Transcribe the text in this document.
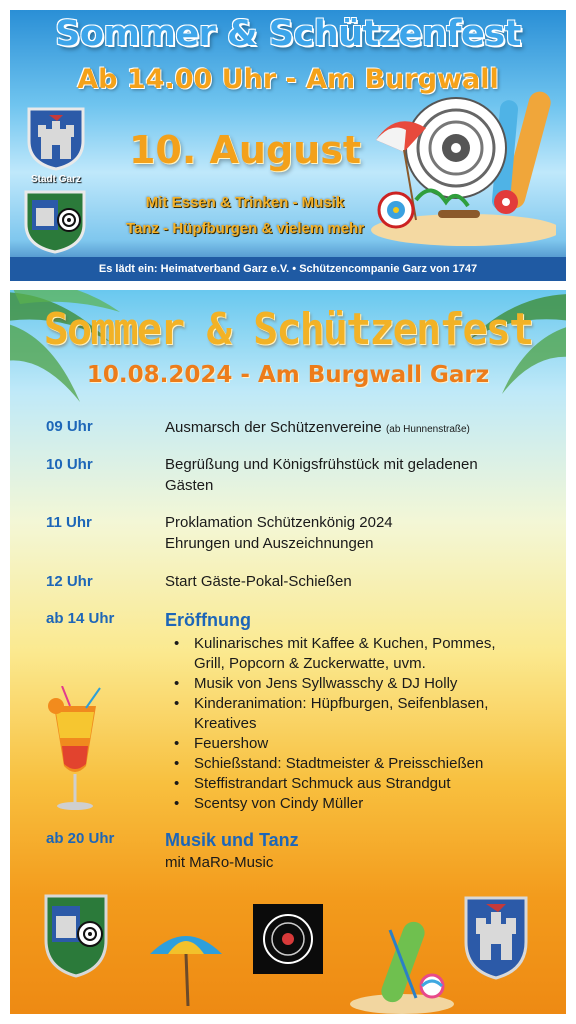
Sommer & Schützenfest
Ab 14.00 Uhr - Am Burgwall
Stadt Garz
10. August
Mit Essen & Trinken - Musik
Tanz - Hüpfburgen & vielem mehr
Es lädt ein: Heimatverband Garz e.V. • Schützencompanie Garz von 1747
Sommer & Schützenfest
10.08.2024 - Am Burgwall Garz
09 Uhr	Ausmarsch der Schützenvereine (ab Hunnenstraße)
10 Uhr	Begrüßung und Königsfrühstück mit geladenen
Gästen
11 Uhr	Proklamation Schützenkönig 2024
Ehrungen und Auszeichnungen
12 Uhr	Start Gäste-Pokal-Schießen
ab 14 Uhr	Eröffnung
• Kulinarisches mit Kaffee & Kuchen, Pommes,
Grill, Popcorn & Zuckerwatte, uvm.
• Musik von Jens Syllwasschy & DJ Holly
• Kinderanimation: Hüpfburgen, Seifenblasen,
Kreatives
• Feuershow
• Schießstand: Stadtmeister & Preisschießen
• Steffistrandart Schmuck aus Strandgut
• Scentsy von Cindy Müller
ab 20 Uhr	Musik und Tanz
mit MaRo-Music
